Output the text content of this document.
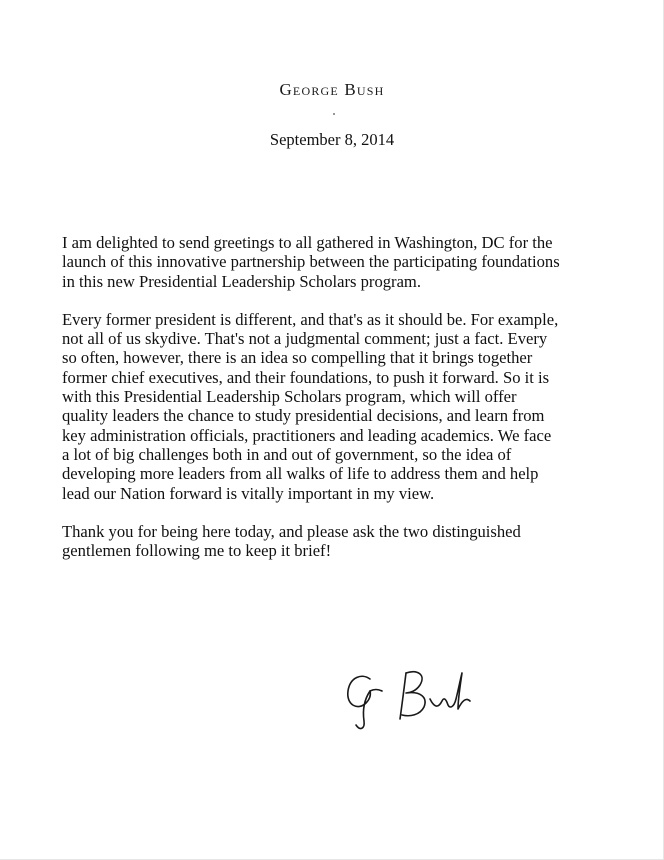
George Bush
September 8, 2014

I am delighted to send greetings to all gathered in Washington, DC for the
launch of this innovative partnership between the participating foundations
in this new Presidential Leadership Scholars program.

Every former president is different, and that's as it should be. For example,
not all of us skydive. That's not a judgmental comment; just a fact. Every
so often, however, there is an idea so compelling that it brings together
former chief executives, and their foundations, to push it forward. So it is
with this Presidential Leadership Scholars program, which will offer
quality leaders the chance to study presidential decisions, and learn from
key administration officials, practitioners and leading academics. We face
a lot of big challenges both in and out of government, so the idea of
developing more leaders from all walks of life to address them and help
lead our Nation forward is vitally important in my view.

Thank you for being here today, and please ask the two distinguished
gentlemen following me to keep it brief!
